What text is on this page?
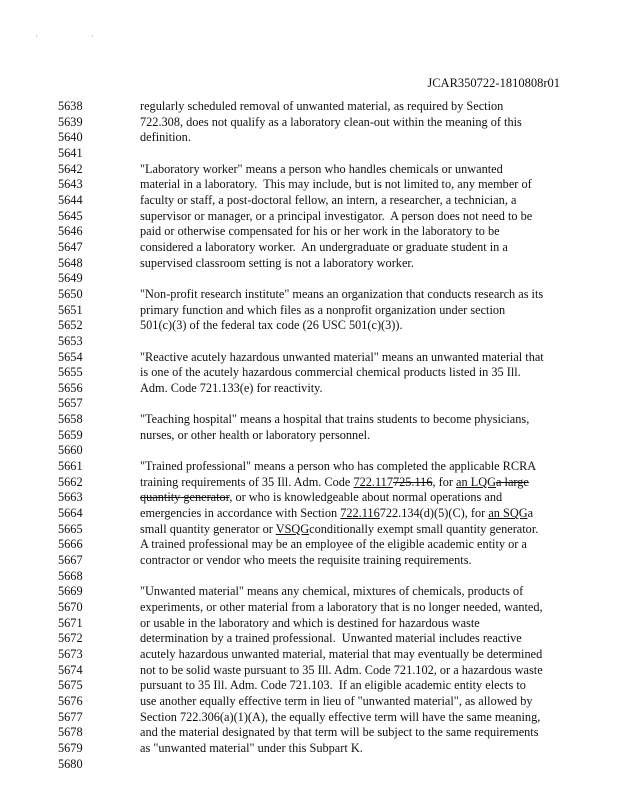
' '
JCAR350722-1810808r01
5638	regularly scheduled removal of unwanted material, as required by Section
5639	722.308, does not qualify as a laboratory clean-out within the meaning of this
5640	definition.
5641
5642	"Laboratory worker" means a person who handles chemicals or unwanted
5643	material in a laboratory.  This may include, but is not limited to, any member of
5644	faculty or staff, a post-doctoral fellow, an intern, a researcher, a technician, a
5645	supervisor or manager, or a principal investigator.  A person does not need to be
5646	paid or otherwise compensated for his or her work in the laboratory to be
5647	considered a laboratory worker.  An undergraduate or graduate student in a
5648	supervised classroom setting is not a laboratory worker.
5649
5650	"Non-profit research institute" means an organization that conducts research as its
5651	primary function and which files as a nonprofit organization under section
5652	501(c)(3) of the federal tax code (26 USC 501(c)(3)).
5653
5654	"Reactive acutely hazardous unwanted material" means an unwanted material that
5655	is one of the acutely hazardous commercial chemical products listed in 35 Ill.
5656	Adm. Code 721.133(e) for reactivity.
5657
5658	"Teaching hospital" means a hospital that trains students to become physicians,
5659	nurses, or other health or laboratory personnel.
5660
5661	"Trained professional" means a person who has completed the applicable RCRA
5662	training requirements of 35 Ill. Adm. Code 722.117725.116, for an LQGa large
5663	quantity generator, or who is knowledgeable about normal operations and
5664	emergencies in accordance with Section 722.116722.134(d)(5)(C), for an SQGa
5665	small quantity generator or VSQGconditionally exempt small quantity generator.
5666	A trained professional may be an employee of the eligible academic entity or a
5667	contractor or vendor who meets the requisite training requirements.
5668
5669	"Unwanted material" means any chemical, mixtures of chemicals, products of
5670	experiments, or other material from a laboratory that is no longer needed, wanted,
5671	or usable in the laboratory and which is destined for hazardous waste
5672	determination by a trained professional.  Unwanted material includes reactive
5673	acutely hazardous unwanted material, material that may eventually be determined
5674	not to be solid waste pursuant to 35 Ill. Adm. Code 721.102, or a hazardous waste
5675	pursuant to 35 Ill. Adm. Code 721.103.  If an eligible academic entity elects to
5676	use another equally effective term in lieu of "unwanted material", as allowed by
5677	Section 722.306(a)(1)(A), the equally effective term will have the same meaning,
5678	and the material designated by that term will be subject to the same requirements
5679	as "unwanted material" under this Subpart K.
5680
